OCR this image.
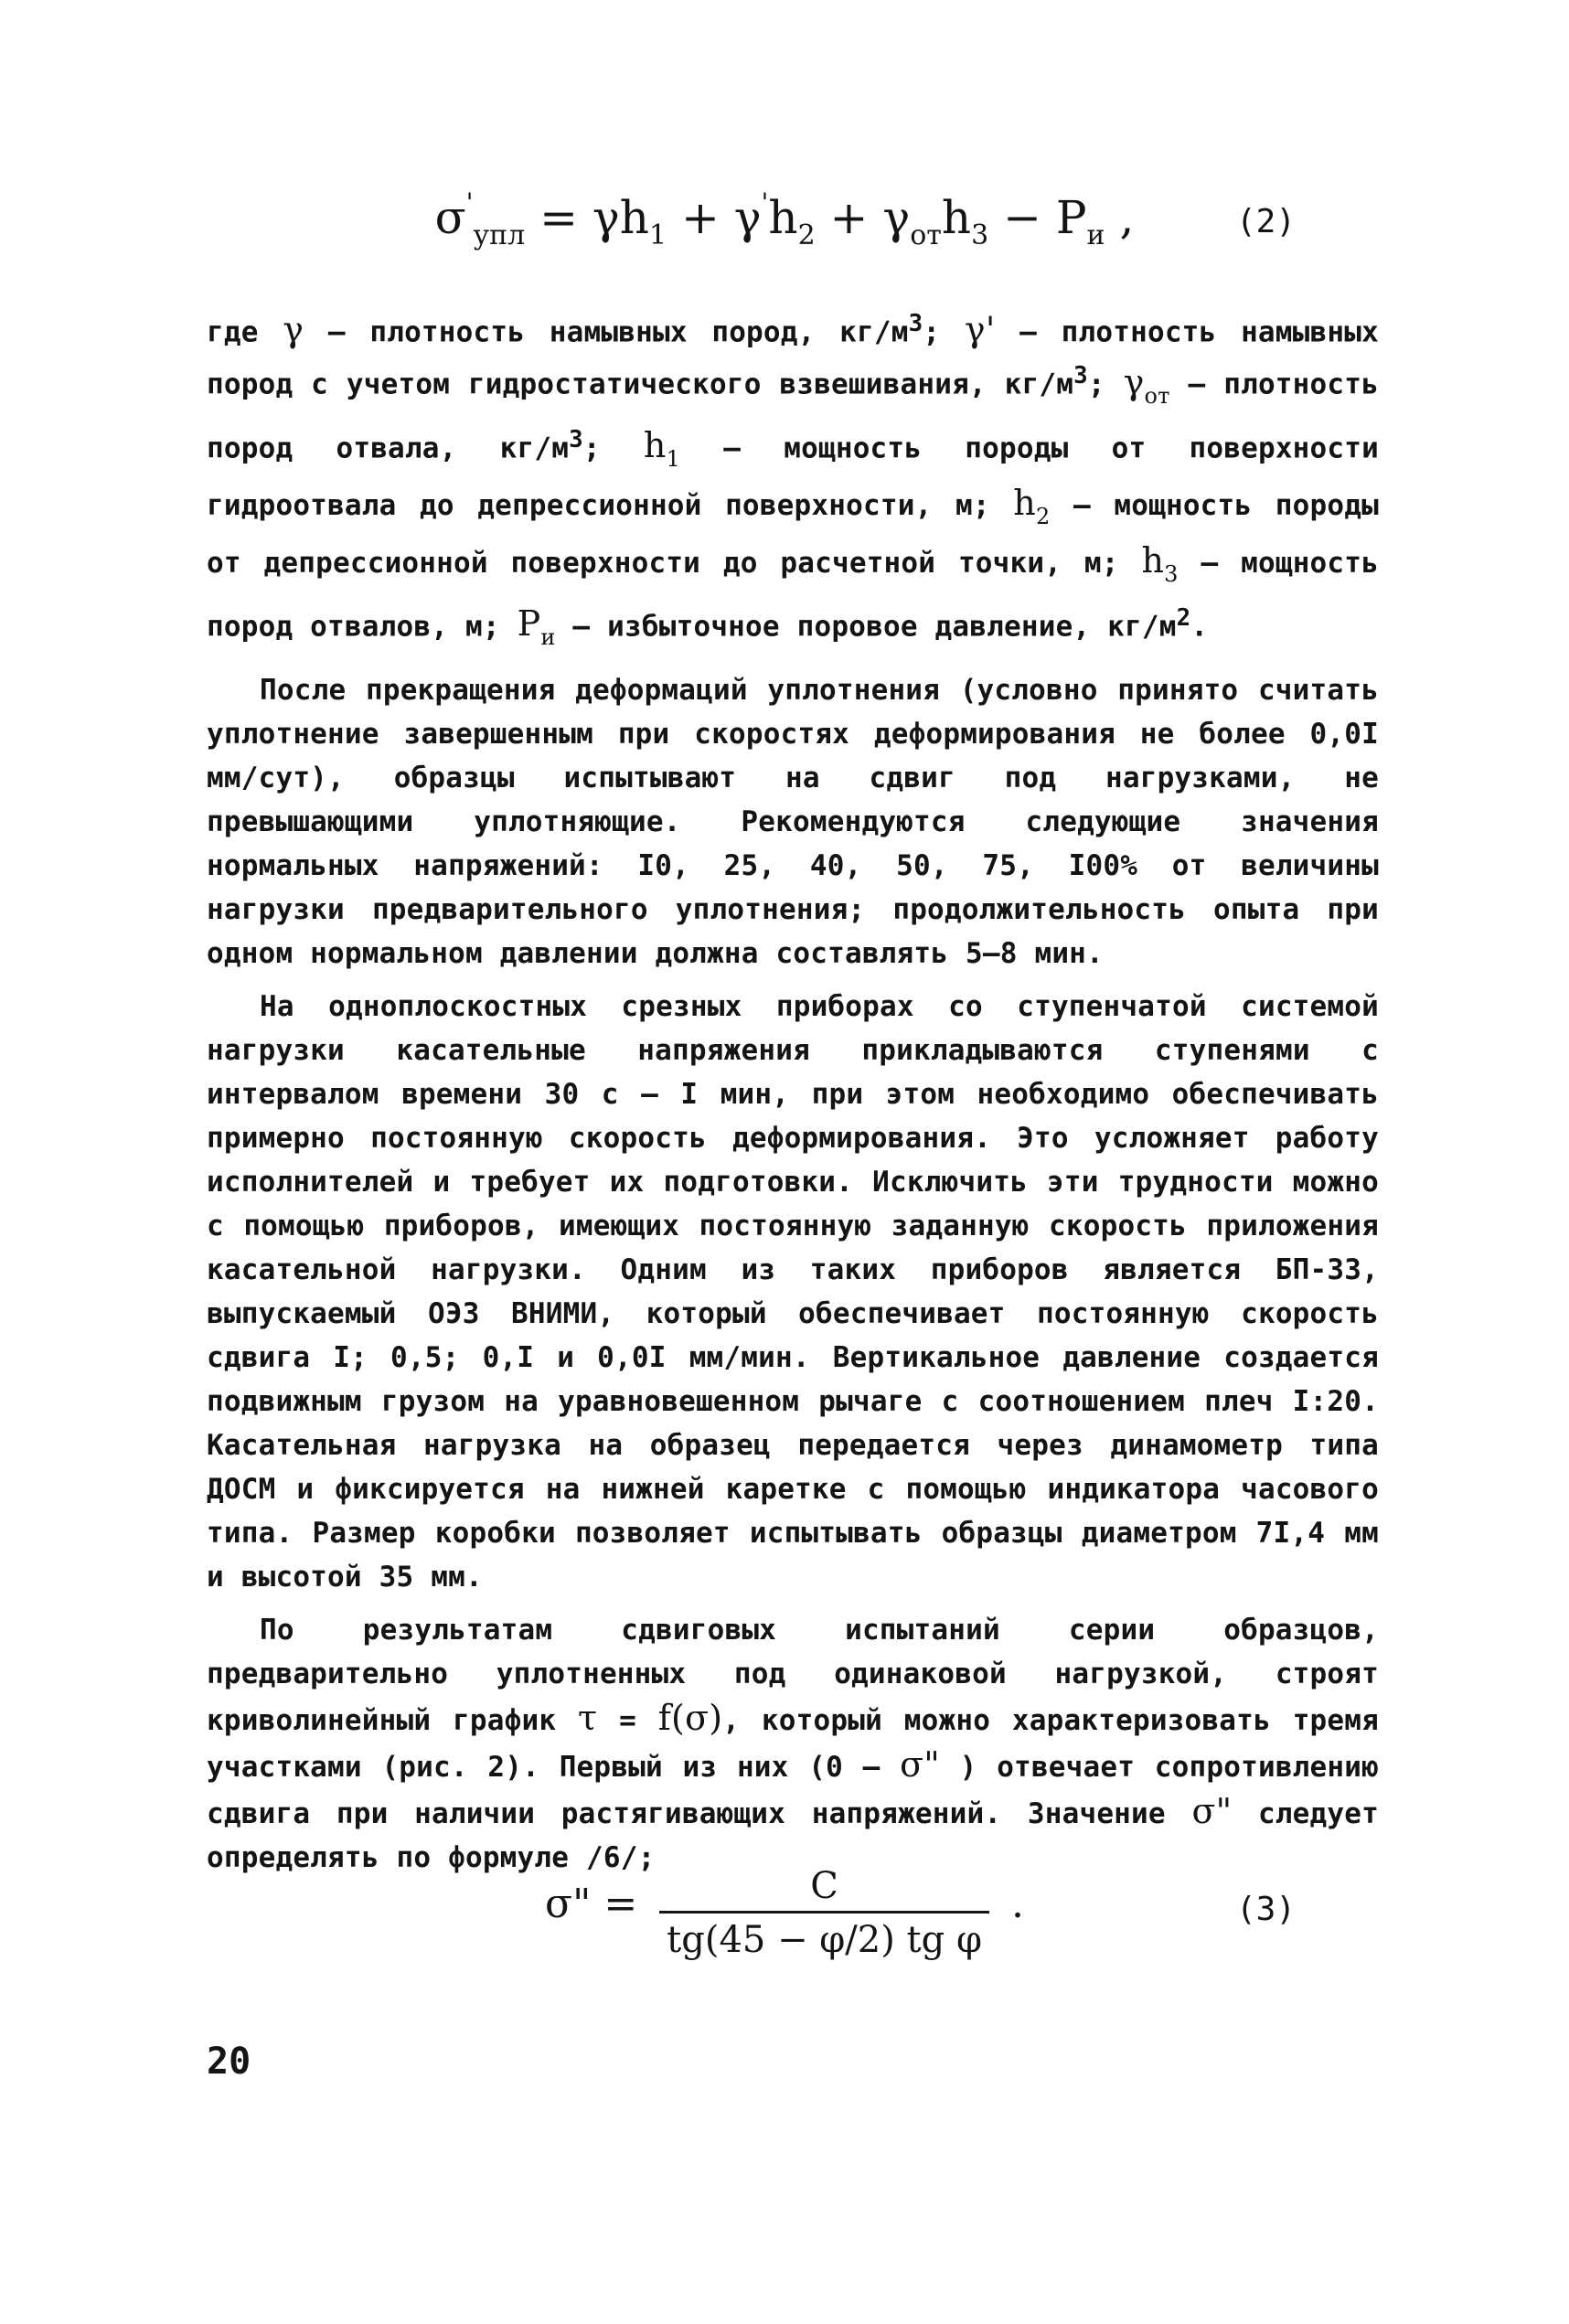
$\sigma'_{упл} = \gamma h_1 + \gamma'h_2 + \gamma_{от}h_3 - P_и$ ,	(2)

где γ – плотность намывных пород, $кг/м^3$; γ' – плотность намывных пород с учетом гидростатического взвешивания, $кг/м^3$; $\gamma_{от}$ – плотность пород отвала, $кг/м^3$; $h_1$ – мощность породы от поверхности гидроотвала до депрессионной поверхности, м; $h_2$ – мощность породы от депрессионной поверхности до расчетной точки, м; $h_3$ – мощность пород отвалов, м; $P_и$ – избыточное поровое давление, $кг/м^2$.

После прекращения деформаций уплотнения (условно принято считать уплотнение завершенным при скоростях деформирования не более 0,0I мм/сут), образцы испытывают на сдвиг под нагрузками, не превышающими уплотняющие. Рекомендуются следующие значения нормальных напряжений: I0, 25, 40, 50, 75, I00% от величины нагрузки предварительного уплотнения; продолжительность опыта при одном нормальном давлении должна составлять 5–8 мин.

На одноплоскостных срезных приборах со ступенчатой системой нагрузки касательные напряжения прикладываются ступенями с интервалом времени 30 с – I мин, при этом необходимо обеспечивать примерно постоянную скорость деформирования. Это усложняет работу исполнителей и требует их подготовки. Исключить эти трудности можно с помощью приборов, имеющих постоянную заданную скорость приложения касательной нагрузки. Одним из таких приборов является БП-33, выпускаемый ОЭЗ ВНИМИ, который обеспечивает постоянную скорость сдвига I; 0,5; 0,I и 0,0I мм/мин. Вертикальное давление создается подвижным грузом на уравновешенном рычаге с соотношением плеч I:20. Касательная нагрузка на образец передается через динамометр типа ДОСМ и фиксируется на нижней каретке с помощью индикатора часового типа. Размер коробки позволяет испытывать образцы диаметром 7I,4 мм и высотой 35 мм.

По результатам сдвиговых испытаний серии образцов, предварительно уплотненных под одинаковой нагрузкой, строят криволинейный график τ = f(σ), который можно характеризовать тремя участками (рис. 2). Первый из них (0 – σ" ) отвечает сопротивлению сдвига при наличии растягивающих напряжений. Значение σ" следует определять по формуле /6/;

σ" = $\frac{C}{\text{tg(45 − φ/2) tg φ}}$ .	(3)
20
